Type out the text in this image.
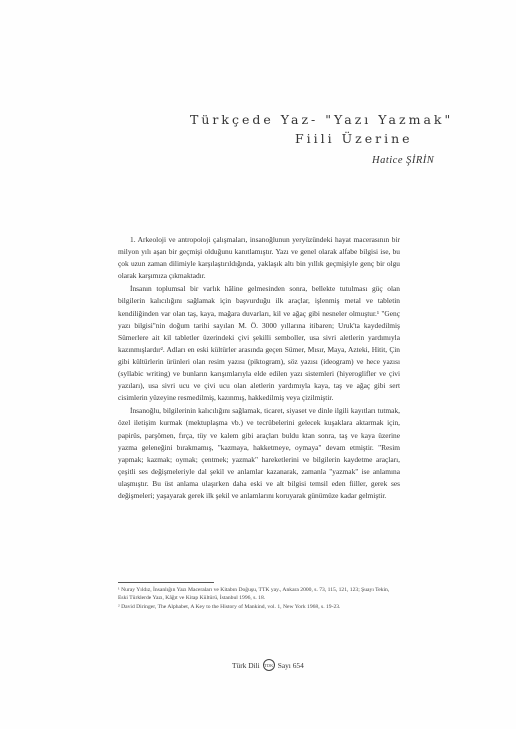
Türkçede Yaz- "Yazı Yazmak"
Fiili Üzerine
Hatice ŞİRİN

1. Arkeoloji ve antropoloji çalışmaları, insanoğlunun yeryüzündeki hayat macerasının bir milyon yılı aşan bir geçmişi olduğunu kanıtlamıştır. Yazı ve genel olarak alfabe bilgisi ise, bu çok uzun zaman dilimiyle karşılaştırıldığında, yaklaşık altı bin yıllık geçmişiyle genç bir olgu olarak karşımıza çıkmaktadır.

İnsanın toplumsal bir varlık hâline gelmesinden sonra, bellekte tutulması güç olan bilgilerin kalıcılığını sağlamak için başvurduğu ilk araçlar, işlenmiş metal ve tabletin kendiliğinden var olan taş, kaya, mağara duvarları, kil ve ağaç gibi nesneler olmuştur.¹ "Genç yazı bilgisi"nin doğum tarihi sayılan M. Ö. 3000 yıllarına itibaren; Uruk'ta kaydedilmiş Sümerlere ait kil tabletler üzerindeki çivi şekilli semboller, usa sivri aletlerin yardımıyla kazınmışlardır². Adları en eski kültürler arasında geçen Sümer, Mısır, Maya, Azteki, Hitit, Çin gibi kültürlerin ürünleri olan resim yazısı (piktogram), söz yazısı (ideogram) ve hece yazısı (syllabic writing) ve bunların karışımlarıyla elde edilen yazı sistemleri (hiyeroglifler ve çivi yazıları), usa sivri ucu ve çivi ucu olan aletlerin yardımıyla kaya, taş ve ağaç gibi sert cisimlerin yüzeyine resmedilmiş, kazınmış, hakkedilmiş veya çizilmiştir.

İnsanoğlu, bilgilerinin kalıcılığını sağlamak, ticaret, siyaset ve dinle ilgili kayıtları tutmak, özel iletişim kurmak (mektuplaşma vb.) ve tecrübelerini gelecek kuşaklara aktarmak için, papirüs, parşömen, fırça, tüy ve kalem gibi araçları buldu ktan sonra, taş ve kaya üzerine yazma geleneğini bırakmamış, "kazmaya, hakketmeye, oymaya" devam etmiştir. "Resim yapmak; kazmak; oymak; çentmek; yazmak" hareketlerini ve bilgilerin kaydetme araçları, çeşitli ses değişmeleriyle dal şekil ve anlamlar kazanarak, zamanla "yazmak" ise anlamına ulaşmıştır. Bu üst anlama ulaşırken daha eski ve alt bilgisi temsil eden fiiller, gerek ses değişmeleri; yaşayarak gerek ilk şekil ve anlamlarını koruyarak günümüze kadar gelmiştir.

¹ Nuray Yıldız, İnsanlığın Yazı Maceraları ve Kitabın Doğuşu, TTK yay., Ankara 2000, s. 73, 115, 121, 123; Şuayı Tekin, Eski Türklerde Yazı, Kâğıt ve Kitap Kültürü, İstanbul 1996, s. 18.

² David Diringer, The Alphabet, A Key to the History of Mankind, vol. 1, New York 1968, s. 19-23.

Türk Dili TDK Sayı 654
